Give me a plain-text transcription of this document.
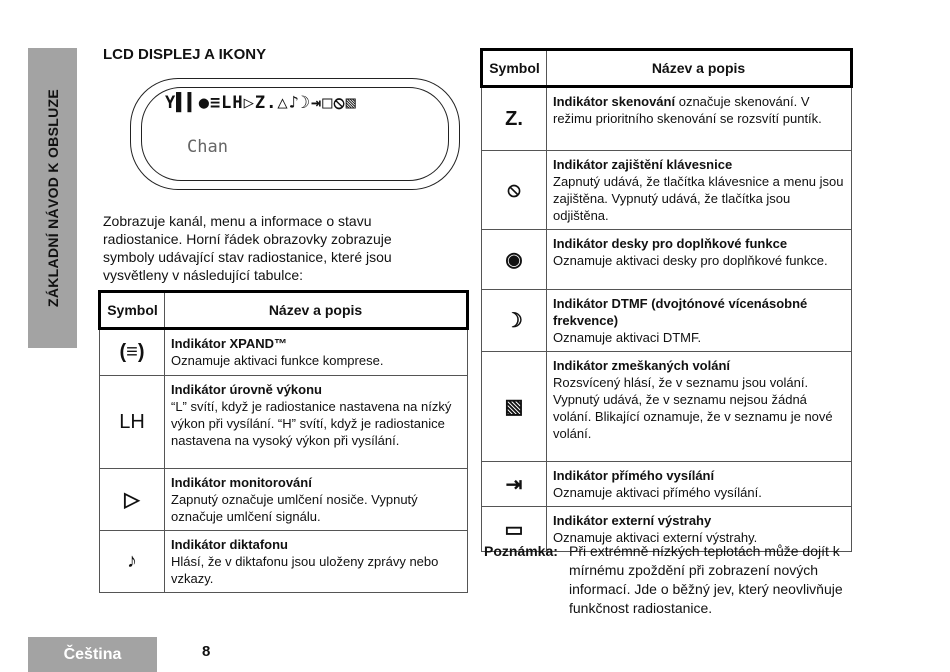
ZÁKLADNÍ NÁVOD K OBSLUZE
LCD DISPLEJ A IKONY
Y▌▍●≡LH▷Z.△♪☽⇥□⦸▧
Chan
Zobrazuje kanál, menu a informace o stavu radiostanice. Horní řádek obrazovky zobrazuje symboly udávající stav radiostanice, které jsou vysvětleny v následující tabulce:
Symbol	Název a popis
(≡)	Indikátor XPAND™
Oznamuje aktivaci funkce komprese.
LH	Indikátor úrovně výkonu
“L” svítí, když je radiostanice nastavena na nízký výkon při vysílání. “H” svítí, když je radiostanice nastavena na vysoký výkon při vysílání.
▷	Indikátor monitorování
Zapnutý označuje umlčení nosiče. Vypnutý označuje umlčení signálu.
♪	Indikátor diktafonu
Hlásí, že v diktafonu jsou uloženy zprávy nebo vzkazy.
Symbol	Název a popis
Z.	Indikátor skenování označuje skenování. V režimu prioritního skenování se rozsvítí puntík.
⦸	Indikátor zajištění klávesnice
Zapnutý udává, že tlačítka klávesnice a menu jsou zajištěna. Vypnutý udává, že tlačítka jsou odjištěna.
◉	Indikátor desky pro doplňkové funkce
Oznamuje aktivaci desky pro doplňkové funkce.
☽	Indikátor DTMF (dvojtónové vícenásobné frekvence)
Oznamuje aktivaci DTMF.
▧	Indikátor zmeškaných volání
Rozsvícený hlásí, že v seznamu jsou volání. Vypnutý udává, že v seznamu nejsou žádná volání. Blikající oznamuje, že v seznamu je nové volání.
⇥	Indikátor přímého vysílání
Oznamuje aktivaci přímého vysílání.
▭	Indikátor externí výstrahy
Oznamuje aktivaci externí výstrahy.
Poznámka: Při extrémně nízkých teplotách může dojít k mírnému zpoždění při zobrazení nových informací. Jde o běžný jev, který neovlivňuje funkčnost radiostanice.
Čeština	8
